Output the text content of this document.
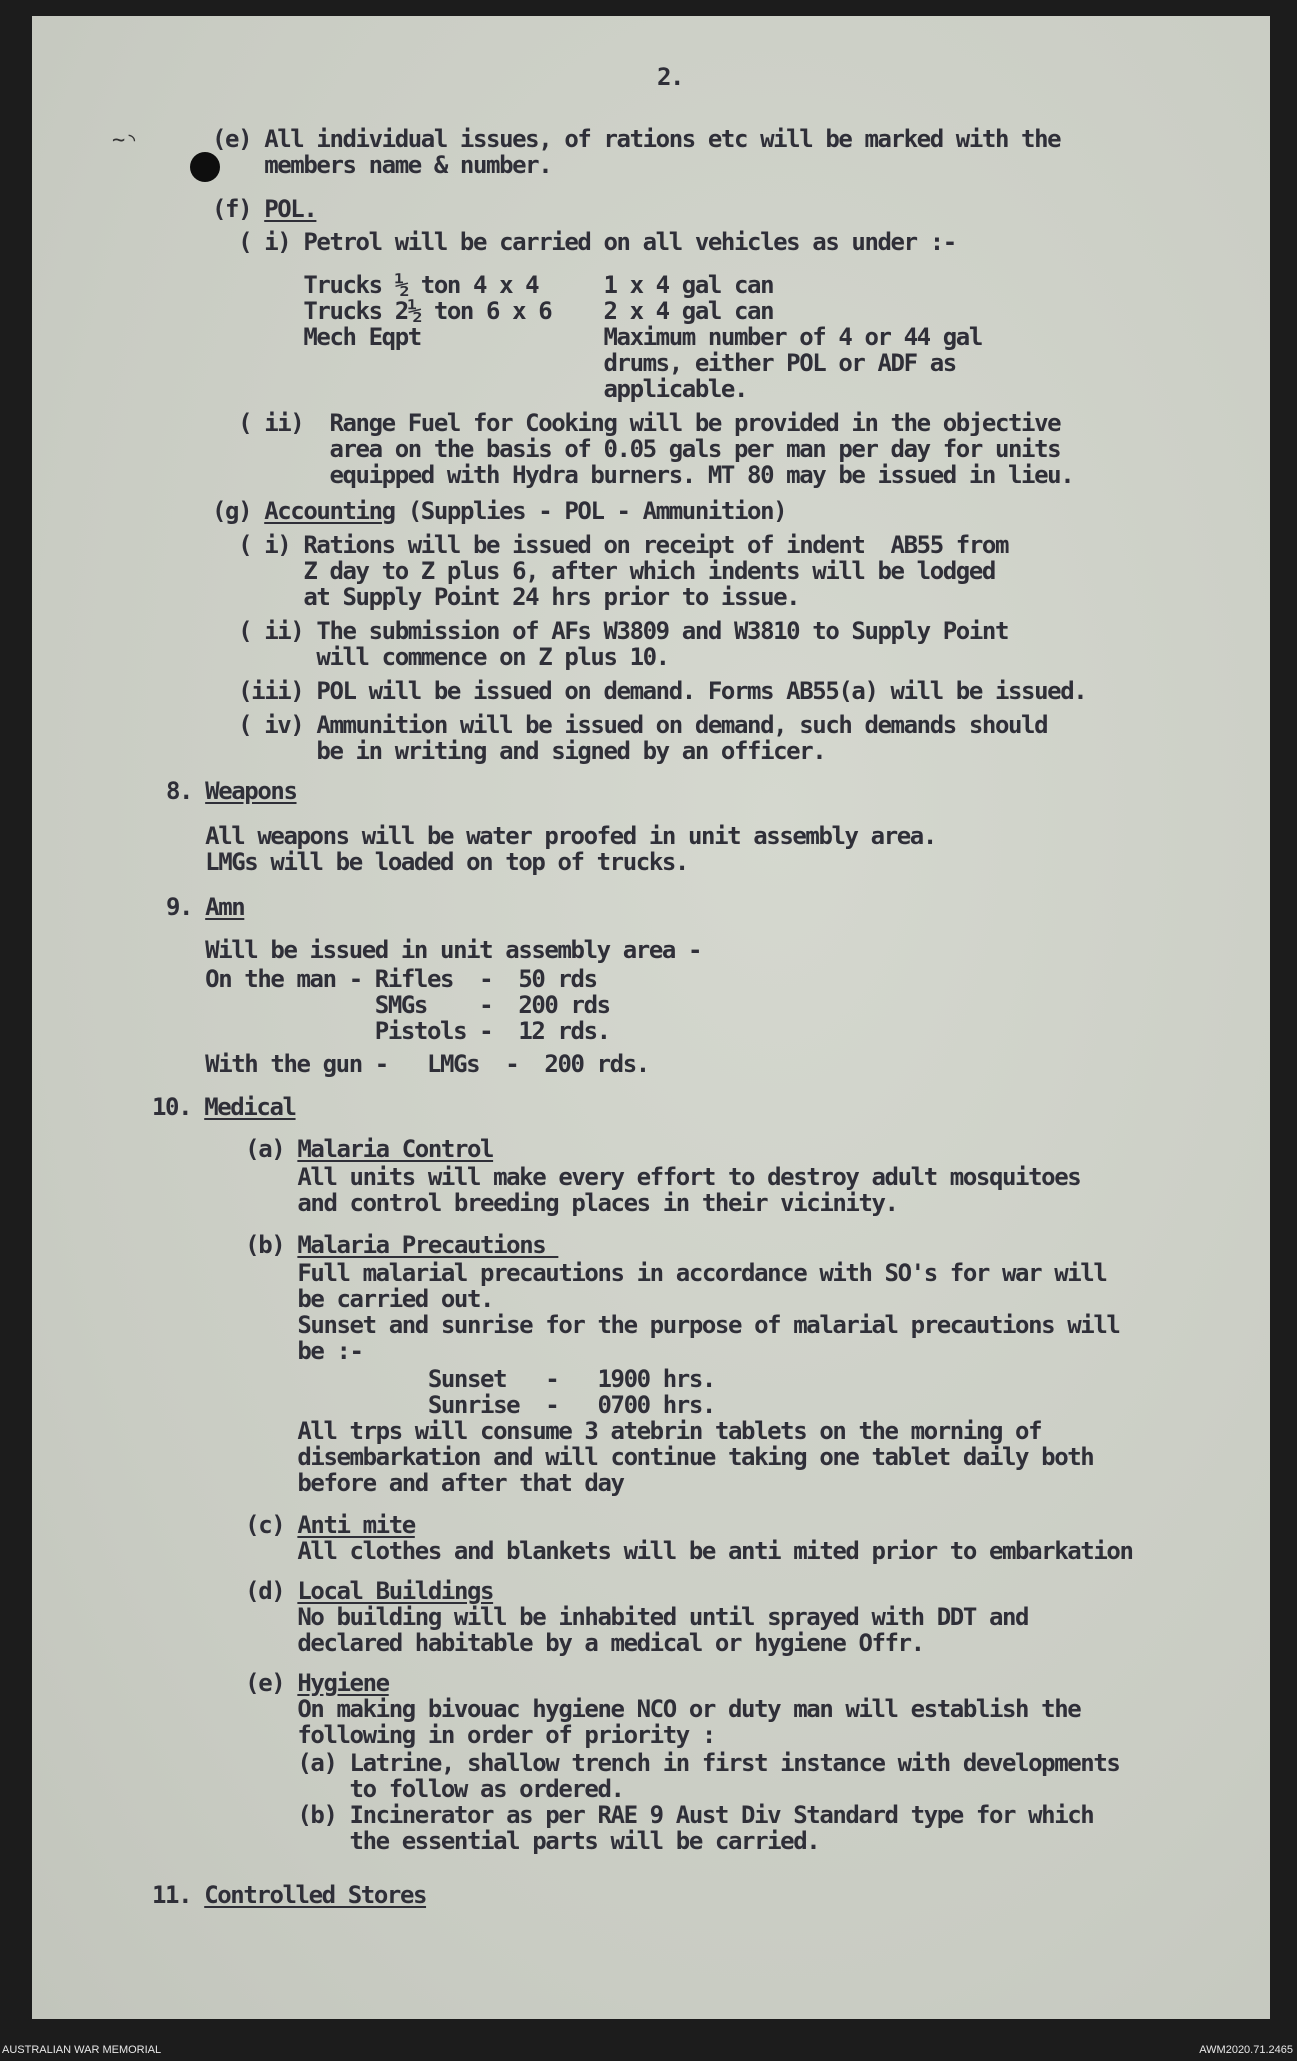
2.
~◝	(e) All individual issues, of rations etc will be marked with the
members name & number.
(f) POL.
( i) Petrol will be carried on all vehicles as under :-
Trucks ½ ton 4 x 4     1 x 4 gal can
Trucks 2½ ton 6 x 6    2 x 4 gal can
Mech Eqpt              Maximum number of 4 or 44 gal
drums, either POL or ADF as
applicable.
( ii)  Range Fuel for Cooking will be provided in the objective
area on the basis of 0.05 gals per man per day for units
equipped with Hydra burners. MT 80 may be issued in lieu.
(g) Accounting (Supplies - POL - Ammunition)
( i) Rations will be issued on receipt of indent  AB55 from
Z day to Z plus 6, after which indents will be lodged
at Supply Point 24 hrs prior to issue.
( ii) The submission of AFs W3809 and W3810 to Supply Point
will commence on Z plus 10.
(iii) POL will be issued on demand. Forms AB55(a) will be issued.
( iv) Ammunition will be issued on demand, such demands should
be in writing and signed by an officer.
8. Weapons
All weapons will be water proofed in unit assembly area.
LMGs will be loaded on top of trucks.
9. Amn
Will be issued in unit assembly area -
On the man - Rifles  -  50 rds
SMGs    -  200 rds
Pistols -  12 rds.
With the gun -   LMGs  -  200 rds.
10. Medical
(a) Malaria Control
All units will make every effort to destroy adult mosquitoes
and control breeding places in their vicinity.
(b) Malaria Precautions
Full malarial precautions in accordance with SO's for war will
be carried out.
Sunset and sunrise for the purpose of malarial precautions will
be :-
Sunset   -   1900 hrs.
Sunrise  -   0700 hrs.
All trps will consume 3 atebrin tablets on the morning of
disembarkation and will continue taking one tablet daily both
before and after that day
(c) Anti mite
All clothes and blankets will be anti mited prior to embarkation
(d) Local Buildings
No building will be inhabited until sprayed with DDT and
declared habitable by a medical or hygiene Offr.
(e) Hygiene
On making bivouac hygiene NCO or duty man will establish the
following in order of priority :
(a) Latrine, shallow trench in first instance with developments
to follow as ordered.
(b) Incinerator as per RAE 9 Aust Div Standard type for which
the essential parts will be carried.
11. Controlled Stores
AUSTRALIAN WAR MEMORIAL	AWM2020.71.2465
